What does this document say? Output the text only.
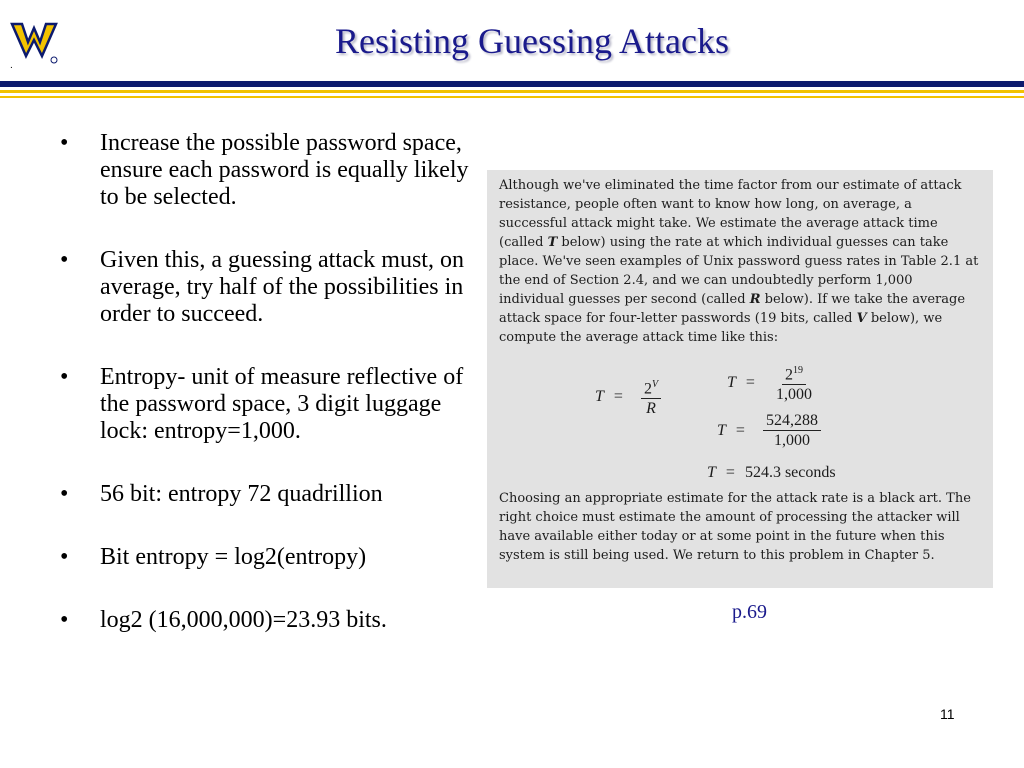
.
Resisting Guessing Attacks
• Increase the possible password space, ensure each password is equally likely to be selected.
• Given this, a guessing attack must, on average, try half of the possibilities in order to succeed.
• Entropy- unit of measure reflective of the password space, 3 digit luggage lock: entropy=1,000.
• 56 bit: entropy 72 quadrillion
• Bit entropy = log2(entropy)
• log2 (16,000,000)=23.93 bits.

Although we've eliminated the time factor from our estimate of attack resistance, people often want to know how long, on average, a successful attack might take. We estimate the average attack time (called T below) using the rate at which individual guesses can take place. We've seen examples of Unix password guess rates in Table 2.1 at the end of Section 2.4, and we can undoubtedly perform 1,000 individual guesses per second (called R below). If we take the average attack space for four-letter passwords (19 bits, called V below), we compute the average attack time like this:

$T = \frac{2^V}{R}$	$T = \frac{2^{19}}{1,000}$
$T = \frac{524,288}{1,000}$
T = 524.3 seconds

Choosing an appropriate estimate for the attack rate is a black art. The right choice must estimate the amount of processing the attacker will have available either today or at some point in the future when this system is still being used. We return to this problem in Chapter 5.

p.69
11
